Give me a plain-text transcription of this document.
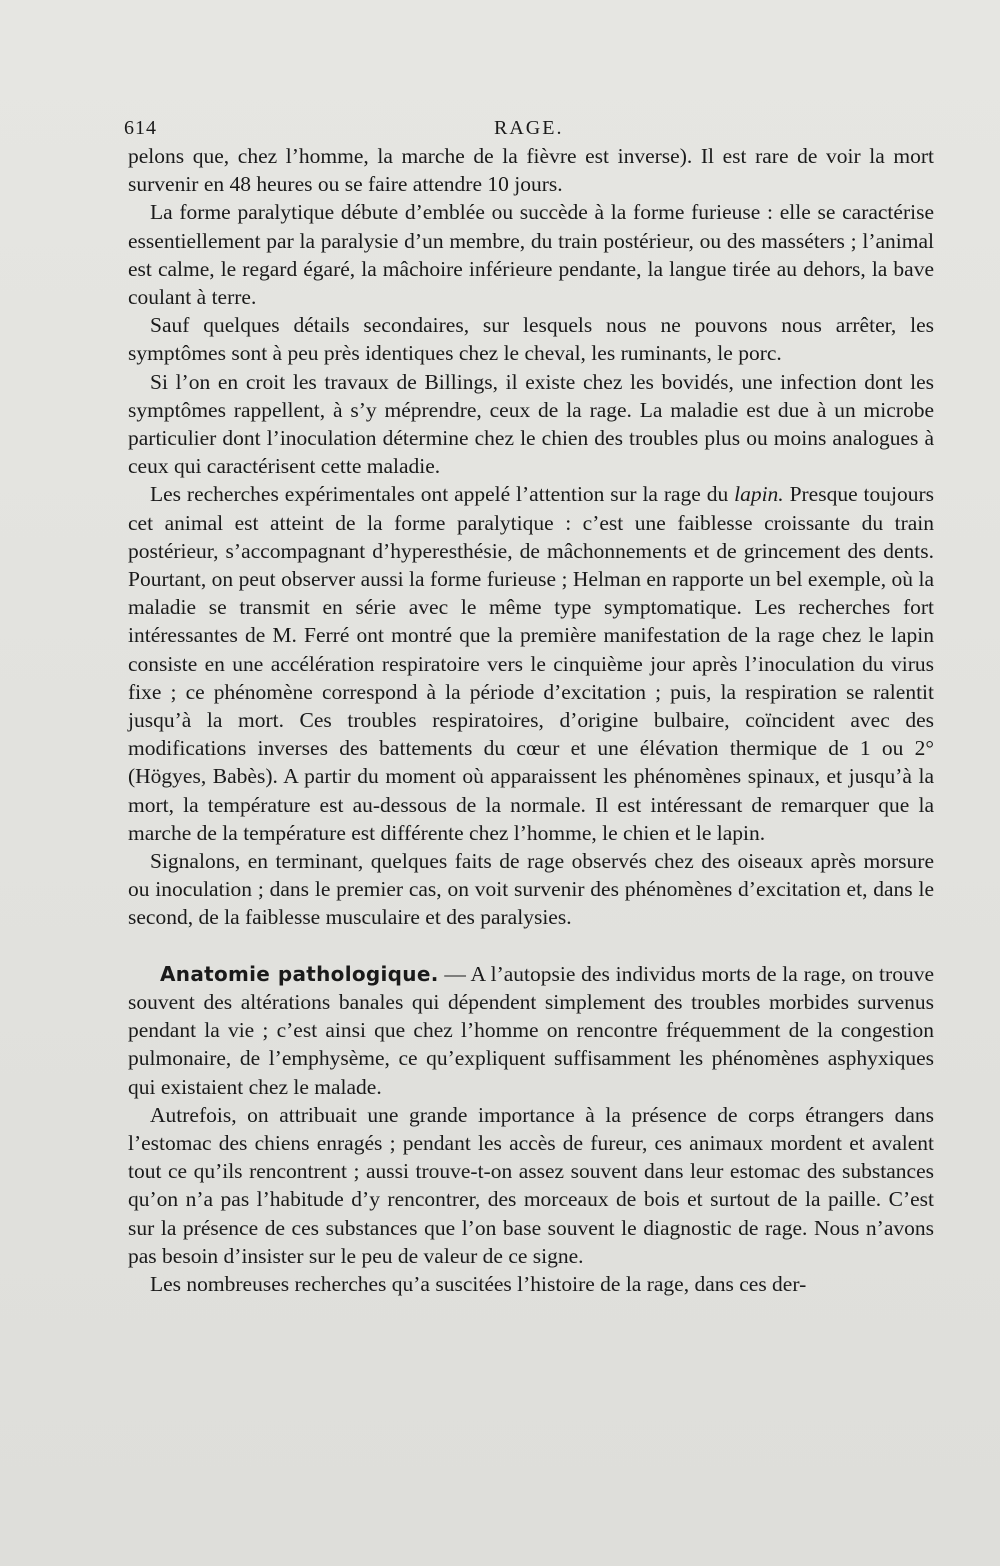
614	RAGE.

pelons que, chez l’homme, la marche de la fièvre est inverse). Il est rare de voir la mort survenir en 48 heures ou se faire attendre 10 jours.

La forme paralytique débute d’emblée ou succède à la forme furieuse : elle se caractérise essentiellement par la paralysie d’un membre, du train postérieur, ou des masséters ; l’animal est calme, le regard égaré, la mâchoire inférieure pendante, la langue tirée au dehors, la bave coulant à terre.

Sauf quelques détails secondaires, sur lesquels nous ne pouvons nous arrêter, les symptômes sont à peu près identiques chez le cheval, les ruminants, le porc.

Si l’on en croit les travaux de Billings, il existe chez les bovidés, une infection dont les symptômes rappellent, à s’y méprendre, ceux de la rage. La maladie est due à un microbe particulier dont l’inoculation détermine chez le chien des troubles plus ou moins analogues à ceux qui caractérisent cette maladie.

Les recherches expérimentales ont appelé l’attention sur la rage du lapin. Presque toujours cet animal est atteint de la forme paralytique : c’est une faiblesse croissante du train postérieur, s’accompagnant d’hyperesthésie, de mâchonnements et de grincement des dents. Pourtant, on peut observer aussi la forme furieuse ; Helman en rapporte un bel exemple, où la maladie se transmit en série avec le même type symptomatique. Les recherches fort intéressantes de M. Ferré ont montré que la première manifestation de la rage chez le lapin consiste en une accélération respiratoire vers le cinquième jour après l’inoculation du virus fixe ; ce phénomène correspond à la période d’excitation ; puis, la respiration se ralentit jusqu’à la mort. Ces troubles respiratoires, d’origine bulbaire, coïncident avec des modifications inverses des battements du cœur et une élévation thermique de 1 ou 2° (Högyes, Babès). A partir du moment où apparaissent les phénomènes spinaux, et jusqu’à la mort, la température est au-dessous de la normale. Il est intéressant de remarquer que la marche de la température est différente chez l’homme, le chien et le lapin.

Signalons, en terminant, quelques faits de rage observés chez des oiseaux après morsure ou inoculation ; dans le premier cas, on voit survenir des phénomènes d’excitation et, dans le second, de la faiblesse musculaire et des paralysies.

Anatomie pathologique. — A l’autopsie des individus morts de la rage, on trouve souvent des altérations banales qui dépendent simplement des troubles morbides survenus pendant la vie ; c’est ainsi que chez l’homme on rencontre fréquemment de la congestion pulmonaire, de l’emphysème, ce qu’expliquent suffisamment les phénomènes asphyxiques qui existaient chez le malade.

Autrefois, on attribuait une grande importance à la présence de corps étrangers dans l’estomac des chiens enragés ; pendant les accès de fureur, ces animaux mordent et avalent tout ce qu’ils rencontrent ; aussi trouve-t-on assez souvent dans leur estomac des substances qu’on n’a pas l’habitude d’y rencontrer, des morceaux de bois et surtout de la paille. C’est sur la présence de ces substances que l’on base souvent le diagnostic de rage. Nous n’avons pas besoin d’insister sur le peu de valeur de ce signe.

Les nombreuses recherches qu’a suscitées l’histoire de la rage, dans ces der-
